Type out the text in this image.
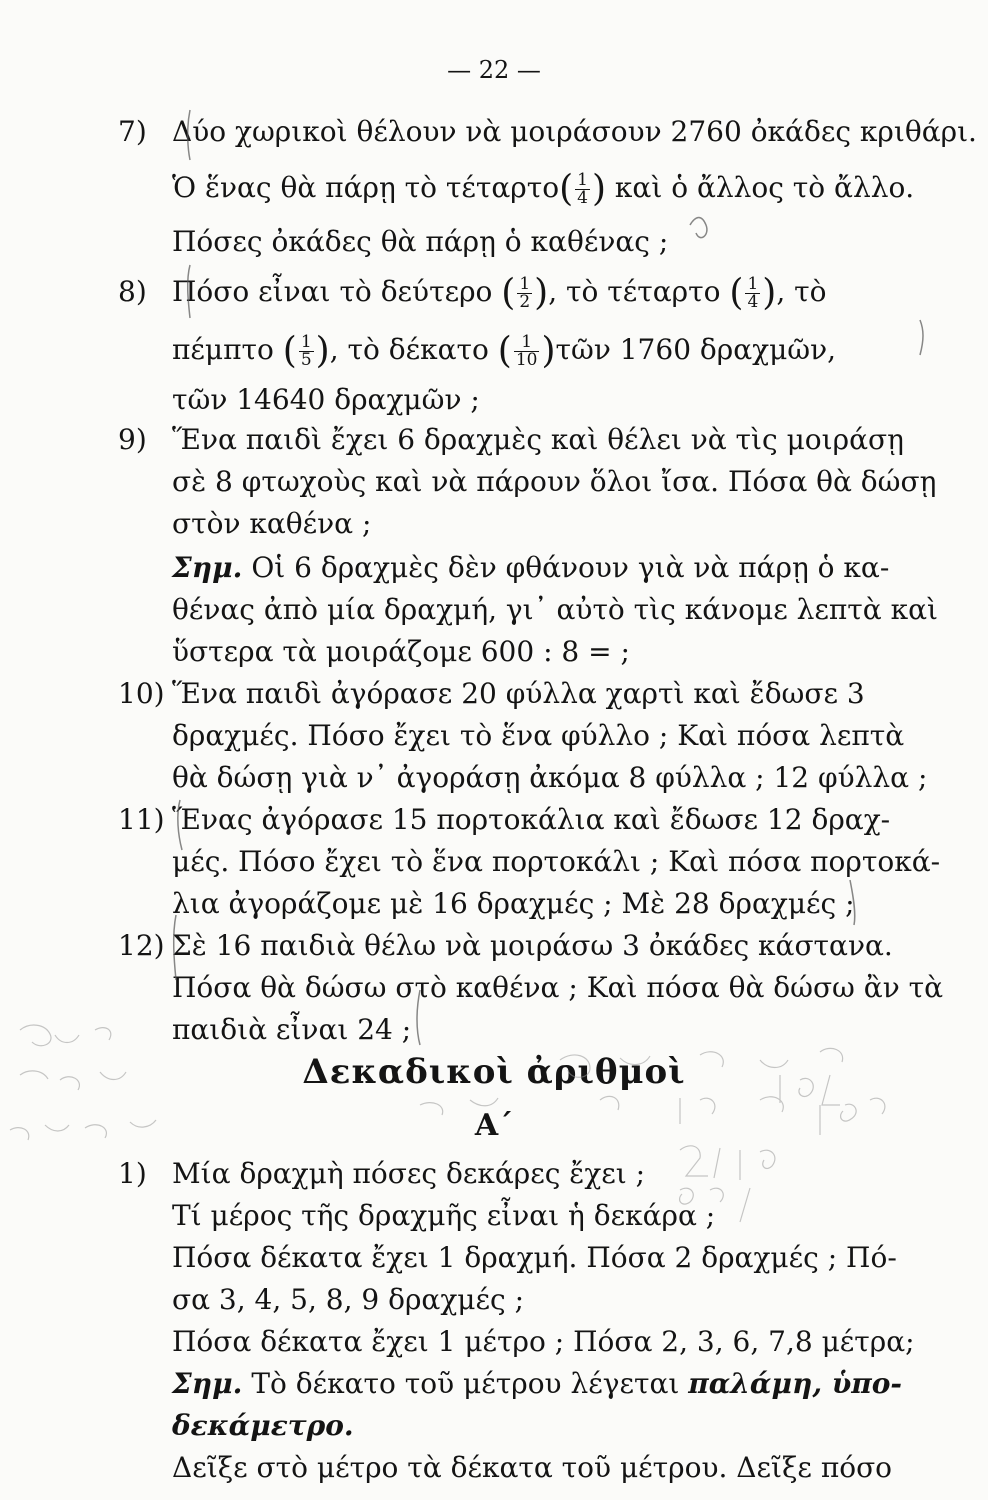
— 22 —
7) Δύο χωρικοὶ θέλουν νὰ μοιράσουν 2760 ὀκάδες κριθάρι.
Ὁ ἕνας θὰ πάρῃ τὸ $\tau έ\tau\alpha\rho\tau o( \frac{1}{4}$ ) καὶ ὁ ἄλλος τὸ ἄλλο.
Πόσες ὀκάδες θὰ πάρῃ ὁ καθένας ;
8) Πόσο εἶναι τὸ δεύτερο ( $\frac{1}{2}$ ), τὸ τέταρτο ( $\frac{1}{4}$ ), τὸ
πέμπτο ( $\frac{1}{5}$ ), τὸ δέκατο ( $\frac{1}{10}$ )τῶν 1760 δραχμῶν,
τῶν 14640 δραχμῶν ;
9) Ἕνα παιδὶ ἔχει 6 δραχμὲς καὶ θέλει νὰ τὶς μοιράσῃ
σὲ 8 φτωχοὺς καὶ νὰ πάρουν ὅλοι ἴσα. Πόσα θὰ δώσῃ
στὸν καθένα ;
Σημ. Οἱ 6 δραχμὲς δὲν φθάνουν γιὰ νὰ πάρῃ ὁ κα-
θένας ἀπὸ μία δραχμή, γι᾽ αὐτὸ τὶς κάνομε λεπτὰ καὶ
ὕστερα τὰ μοιράζομε 600 : 8 = ;
10) Ἕνα παιδὶ ἀγόρασε 20 φύλλα χαρτὶ καὶ ἔδωσε 3
δραχμές. Πόσο ἔχει τὸ ἕνα φύλλο ; Καὶ πόσα λεπτὰ
θὰ δώσῃ γιὰ ν᾽ ἀγοράσῃ ἀκόμα 8 φύλλα ; 12 φύλλα ;
11) Ἕνας ἀγόρασε 15 πορτοκάλια καὶ ἔδωσε 12 δραχ-
μές. Πόσο ἔχει τὸ ἕνα πορτοκάλι ; Καὶ πόσα πορτοκά-
λια ἀγοράζομε μὲ 16 δραχμές ; Μὲ 28 δραχμές ;
12) Σὲ 16 παιδιὰ θέλω νὰ μοιράσω 3 ὀκάδες κάστανα.
Πόσα θὰ δώσω στὸ καθένα ; Καὶ πόσα θὰ δώσω ἂν τὰ
παιδιὰ εἶναι 24 ;
Δεκαδικοὶ ἀριθμοὶ
Α΄
1) Μία δραχμὴ πόσες δεκάρες ἔχει ;
Τί μέρος τῆς δραχμῆς εἶναι ἡ δεκάρα ;
Πόσα δέκατα ἔχει 1 δραχμή. Πόσα 2 δραχμές ; Πό-
σα 3, 4, 5, 8, 9 δραχμές ;
Πόσα δέκατα ἔχει 1 μέτρο ; Πόσα 2, 3, 6, 7,8 μέτρα;
Σημ. Τὸ δέκατο τοῦ μέτρου λέγεται παλάμη, ὑπο-
δεκάμετρο.
Δεῖξε στὸ μέτρο τὰ δέκατα τοῦ μέτρου. Δεῖξε πόσο
